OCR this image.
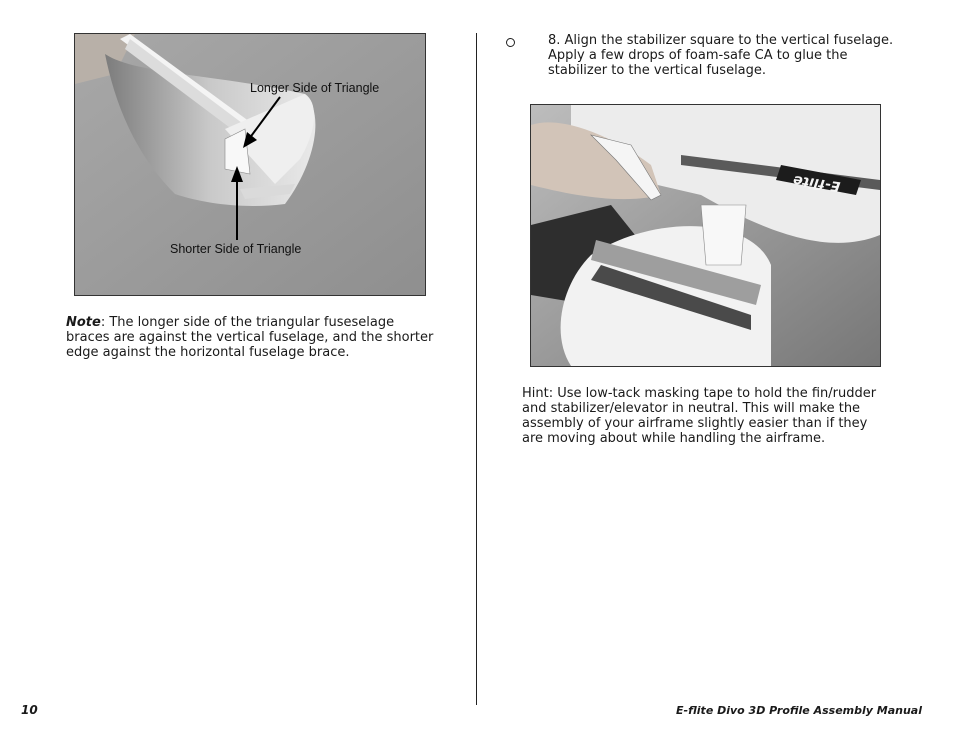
Longer Side of Triangle
Shorter Side of Triangle
Note: The longer side of the triangular fuseselage braces are against the vertical fuselage, and the shorter edge against the horizontal fuselage brace.
8. Align the stabilizer square to the vertical fuselage. Apply a few drops of foam-safe CA to glue the stabilizer to the vertical fuselage.
E-flite
Hint: Use low-tack masking tape to hold the fin/rudder and stabilizer/elevator in neutral. This will make the assembly of your airframe slightly easier than if they are moving about while handling the airframe.
10	E-flite Divo 3D Profile Assembly Manual
